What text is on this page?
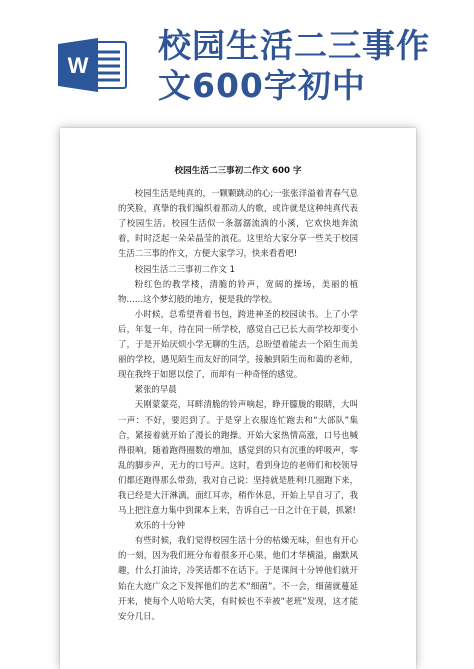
W
校园生活二三事作
文600字初中

校园生活二三事初二作文 600 字

校园生活是纯真的，一颗颗跳动的心;一张张洋溢着青春气息的笑脸，真挚的我们编织着那动人的歌，或许就是这种纯真代表了校园生活。校园生活似一条潺潺流淌的小溪，它欢快地奔流着，时时泛起一朵朵晶莹的浪花。这里给大家分享一些关于校园生活二三事的作文，方便大家学习，快来看看吧!

校园生活二三事初二作文 1

粉红色的教学楼，清脆的铃声，宽阔的操场，美丽的植物……这个梦幻般的地方，便是我的学校。

小时候，总希望背着书包，跨进神圣的校园读书。上了小学后，年复一年，待在同一所学校，感觉自己已长大而学校却变小了，于是开始厌烦小学无聊的生活，总盼望着能去一个陌生而美丽的学校，遇见陌生而友好的同学，接触到陌生而和蔼的老师，现在我终于如愿以偿了，而却有一种奇怪的感觉。

紧张的早晨

天刚蒙蒙亮，耳畔清脆的铃声响起，睁开朦胧的眼睛，大叫一声：不好，要迟到了。于是穿上衣服连忙跑去和“大部队”集合，紧接着就开始了漫长的跑操。开始大家热情高涨，口号也喊得很响，随着跑得圈数的增加，感觉到的只有沉重的呼吸声，零乱的脚步声，无力的口号声。这时，看到身边的老师们和校领导们都还跑得那么带劲，我对自己说：坚持就是胜利!几圈跑下来，我已经是大汗淋漓，面红耳赤，稍作休息，开始上早自习了，我马上把注意力集中到课本上来，告诉自己一日之计在于晨，抓紧!

欢乐的十分钟

有些时候，我们觉得校园生活十分的枯燥无味，但也有开心的一刻，因为我们班分布着很多开心果，他们才华横溢，幽默风趣，什么打油诗，冷笑话都不在话下。于是课间十分钟他们就开始在大庭广众之下发挥他们的艺术“细菌”。不一会，细菌就蔓延开来，使每个人哈哈大笑，有时候也不幸被“老班”发现，这才能安分几日。
